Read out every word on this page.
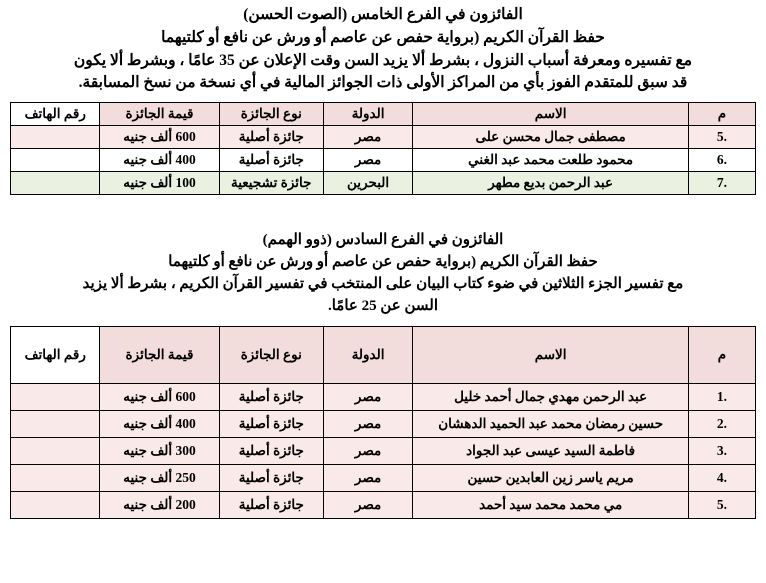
الفائزون في الفرع الخامس (الصوت الحسن)
حفظ القرآن الكريم (برواية حفص عن عاصم أو ورش عن نافع أو كلتيهما
مع تفسيره ومعرفة أسباب النزول ، بشرط ألا يزيد السن وقت الإعلان عن 35 عامًا ، وبشرط ألا يكون
قد سبق للمتقدم الفوز بأي من المراكز الأولى ذات الجوائز المالية في أي نسخة من نسخ المسابقة.
م	الاسم	الدولة	نوع الجائزة	قيمة الجائزة	رقم الهاتف
.5	مصطفى جمال محسن على	مصر	جائزة أصلية	600 ألف جنيه	
.6	محمود طلعت محمد عبد الغني	مصر	جائزة أصلية	400 ألف جنيه	
.7	عبد الرحمن بديع مطهر	البحرين	جائزة تشجيعية	100 ألف جنيه	
الفائزون في الفرع السادس (ذوو الهمم)
حفظ القرآن الكريم (برواية حفص عن عاصم أو ورش عن نافع أو كلتيهما
مع تفسير الجزء الثلاثين في ضوء كتاب البيان على المنتخب في تفسير القرآن الكريم ، بشرط ألا يزيد
السن عن 25 عامًا.
م	الاسم	الدولة	نوع الجائزة	قيمة الجائزة	رقم الهاتف
.1	عبد الرحمن مهدي جمال أحمد خليل	مصر	جائزة أصلية	600 ألف جنيه	
.2	حسين رمضان محمد عبد الحميد الدهشان	مصر	جائزة أصلية	400 ألف جنيه	
.3	فاطمة السيد عيسى عبد الجواد	مصر	جائزة أصلية	300 ألف جنيه	
.4	مريم ياسر زين العابدين حسين	مصر	جائزة أصلية	250 ألف جنيه	
.5	مي محمد محمد سيد أحمد	مصر	جائزة أصلية	200 ألف جنيه	
